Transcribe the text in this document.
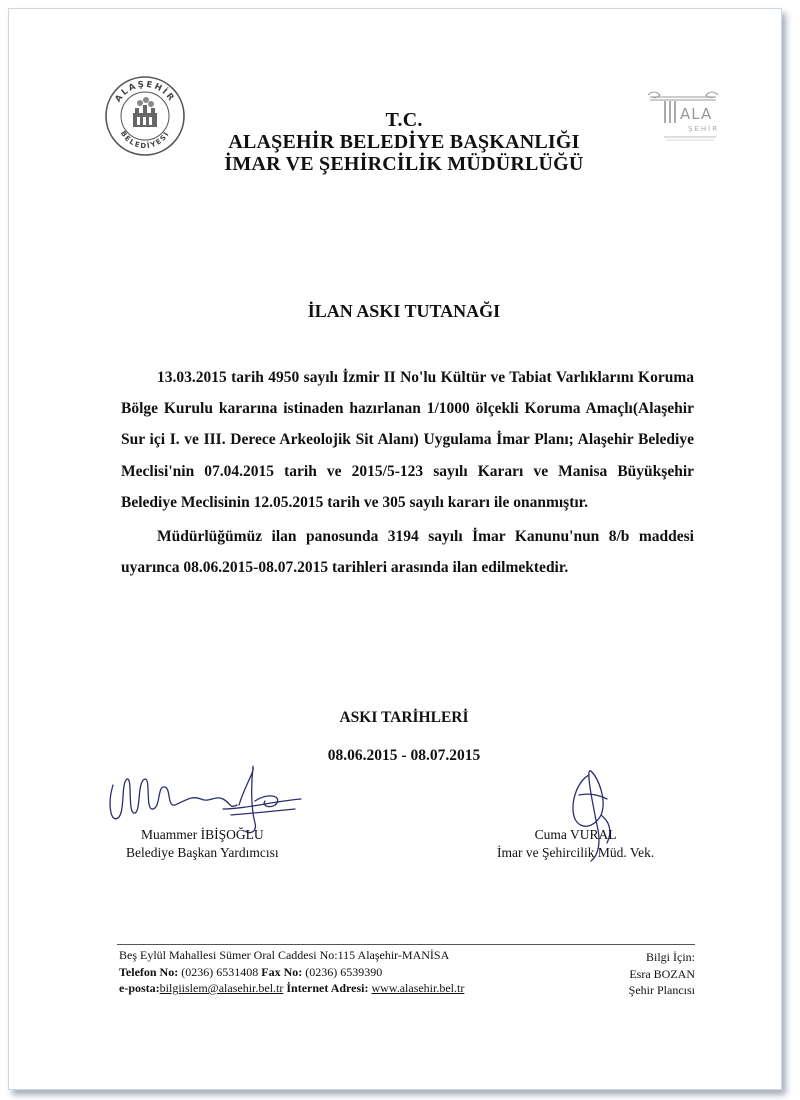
ALAŞEHİR
BELEDİYESİ
ALA
ŞEHİR
T.C.
ALAŞEHİR BELEDİYE BAŞKANLIĞI
İMAR VE ŞEHİRCİLİK MÜDÜRLÜĞÜ
İLAN ASKI TUTANAĞI

13.03.2015 tarih 4950 sayılı İzmir II No'lu Kültür ve Tabiat Varlıklarını Koruma Bölge Kurulu kararına istinaden hazırlanan 1/1000 ölçekli Koruma Amaçlı(Alaşehir Sur içi I. ve III. Derece Arkeolojik Sit Alanı) Uygulama İmar Planı; Alaşehir Belediye Meclisi'nin 07.04.2015 tarih ve 2015/5-123 sayılı Kararı ve Manisa Büyükşehir Belediye Meclisinin 12.05.2015 tarih ve 305 sayılı kararı ile onanmıştır.

Müdürlüğümüz ilan panosunda 3194 sayılı İmar Kanunu'nun 8/b maddesi uyarınca 08.06.2015-08.07.2015 tarihleri arasında ilan edilmektedir.

ASKI TARİHLERİ
08.06.2015 - 08.07.2015
Muammer İBİŞOĞLU
Belediye Başkan Yardımcısı
Cuma VURAL
İmar ve Şehircilik Müd. Vek.
Beş Eylül Mahallesi Sümer Oral Caddesi No:115 Alaşehir-MANİSA
Telefon No: (0236) 6531408 Fax No: (0236) 6539390
e-posta:bilgiislem@alasehir.bel.tr İnternet Adresi: www.alasehir.bel.tr
Bilgi İçin:
Esra BOZAN
Şehir Plancısı
